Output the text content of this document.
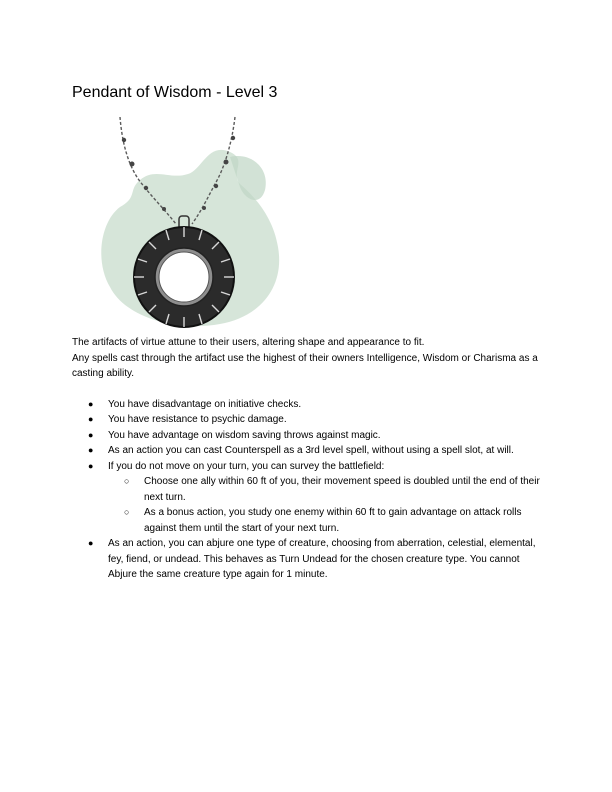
Pendant of Wisdom - Level 3

The artifacts of virtue attune to their users, altering shape and appearance to fit.

Any spells cast through the artifact use the highest of their owners Intelligence, Wisdom or Charisma as a casting ability.

● You have disadvantage on initiative checks.
● You have resistance to psychic damage.
● You have advantage on wisdom saving throws against magic.
● As an action you can cast Counterspell as a 3rd level spell, without using a spell slot, at will.
● If you do not move on your turn, you can survey the battlefield:
○ Choose one ally within 60 ft of you, their movement speed is doubled until the end of their next turn.
○ As a bonus action, you study one enemy within 60 ft to gain advantage on attack rolls against them until the start of your next turn.
● As an action, you can abjure one type of creature, choosing from aberration, celestial, elemental, fey, fiend, or undead. This behaves as Turn Undead for the chosen creature type. You cannot Abjure the same creature type again for 1 minute.
